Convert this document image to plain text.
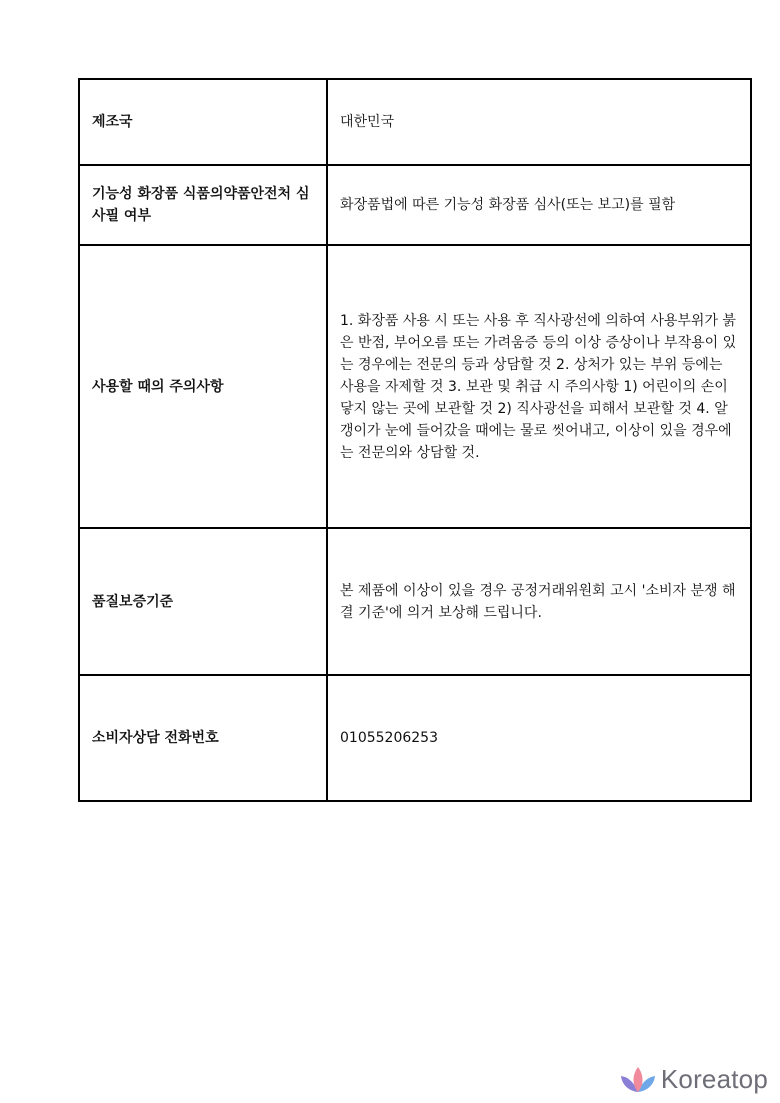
제조국	대한민국
기능성 화장품 식품의약품안전처 심사필 여부	화장품법에 따른 기능성 화장품 심사(또는 보고)를 필함
사용할 때의 주의사항	1. 화장품 사용 시 또는 사용 후 직사광선에 의하여 사용부위가 붉은 반점, 부어오름 또는 가려움증 등의 이상 증상이나 부작용이 있는 경우에는 전문의 등과 상담할 것 2. 상처가 있는 부위 등에는 사용을 자제할 것 3. 보관 및 취급 시 주의사항 1) 어린이의 손이 닿지 않는 곳에 보관할 것 2) 직사광선을 피해서 보관할 것 4. 알갱이가 눈에 들어갔을 때에는 물로 씻어내고, 이상이 있을 경우에는 전문의와 상담할 것.
품질보증기준	본 제품에 이상이 있을 경우 공정거래위원회 고시 '소비자 분쟁 해결 기준'에 의거 보상해 드립니다.
소비자상담 전화번호	01055206253
Koreatop
